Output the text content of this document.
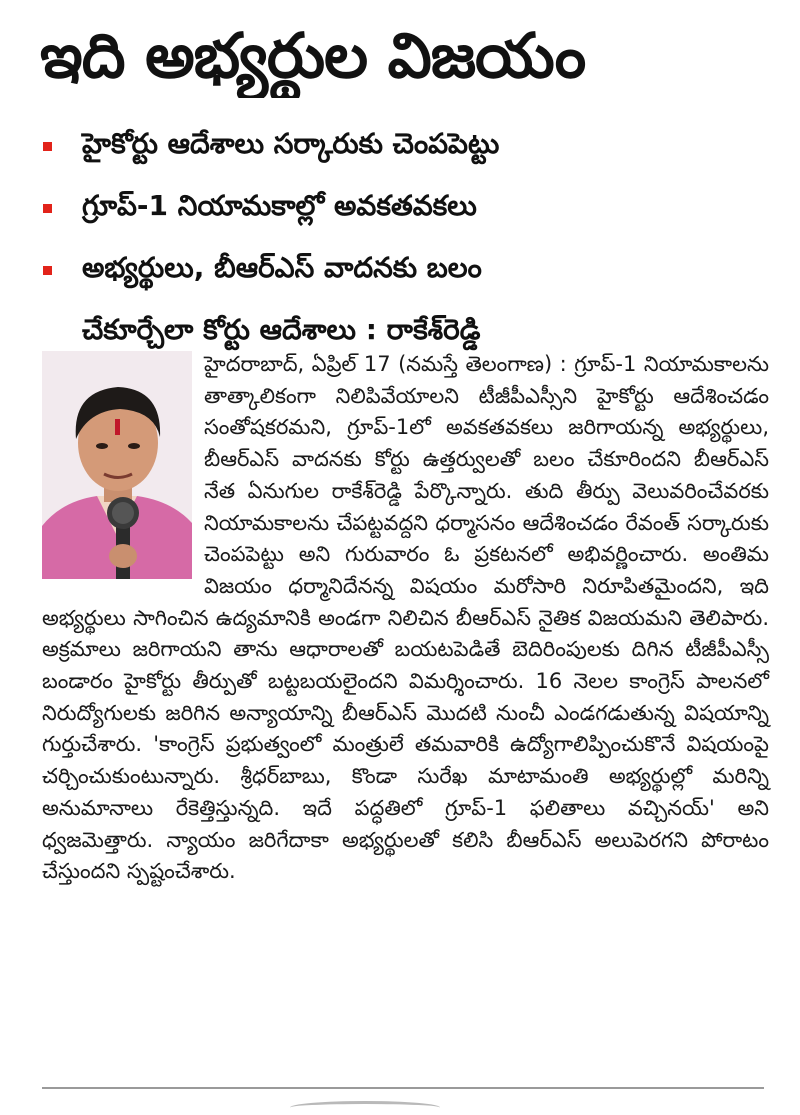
ఇది అభ్యర్థుల విజయం
హైకోర్టు ఆదేశాలు సర్కారుకు చెంపపెట్టు
గ్రూప్-1 నియామకాల్లో అవకతవకలు
అభ్యర్థులు, బీఆర్ఎస్ వాదనకు బలం
చేకూర్చేలా కోర్టు ఆదేశాలు : రాకేశ్‌రెడ్డి

హైదరాబాద్, ఏప్రిల్ 17 (నమస్తే తెలంగాణ) : గ్రూప్-1 నియామకాలను తాత్కాలికంగా నిలిపివేయాలని టీజీపీఎస్సీని హైకోర్టు ఆదేశించడం సంతోషకరమని, గ్రూప్-1లో అవకతవకలు జరిగాయన్న అభ్యర్థులు, బీఆర్ఎస్ వాదనకు కోర్టు ఉత్తర్వులతో బలం చేకూరిందని బీఆర్ఎస్ నేత ఏనుగుల రాకేశ్‌రెడ్డి పేర్కొన్నారు. తుది తీర్పు వెలువరించేవరకు నియామకాలను చేపట్టవద్దని ధర్మాసనం ఆదేశించడం రేవంత్ సర్కారుకు చెంపపెట్టు అని గురువారం ఓ ప్రకటనలో అభివర్ణించారు. అంతిమ విజయం ధర్మానిదేనన్న విషయం మరోసారి నిరూపితమైందని, ఇది అభ్యర్థులు సాగించిన ఉద్యమానికి అండగా నిలిచిన బీఆర్ఎస్ నైతిక విజయమని తెలిపారు. అక్రమాలు జరిగాయని తాను ఆధారాలతో బయటపెడితే బెదిరింపులకు దిగిన టీజీపీఎస్సీ బండారం హైకోర్టు తీర్పుతో బట్టబయలైందని విమర్శించారు. 16 నెలల కాంగ్రెస్ పాలనలో నిరుద్యోగులకు జరిగిన అన్యాయాన్ని బీఆర్ఎస్ మొదటి నుంచీ ఎండగడుతున్న విషయాన్ని గుర్తుచేశారు. 'కాంగ్రెస్ ప్రభుత్వంలో మంత్రులే తమవారికి ఉద్యోగాలిప్పించుకొనే విషయంపై చర్చించుకుంటున్నారు. శ్రీధర్‌బాబు, కొండా సురేఖ మాటామంతి అభ్యర్థుల్లో మరిన్ని అనుమానాలు రేకెత్తిస్తున్నది. ఇదే పద్ధతిలో గ్రూప్-1 ఫలితాలు వచ్చినయ్' అని ధ్వజమెత్తారు. న్యాయం జరిగేదాకా అభ్యర్థులతో కలిసి బీఆర్ఎస్ అలుపెరగని పోరాటం చేస్తుందని స్పష్టంచేశారు.
